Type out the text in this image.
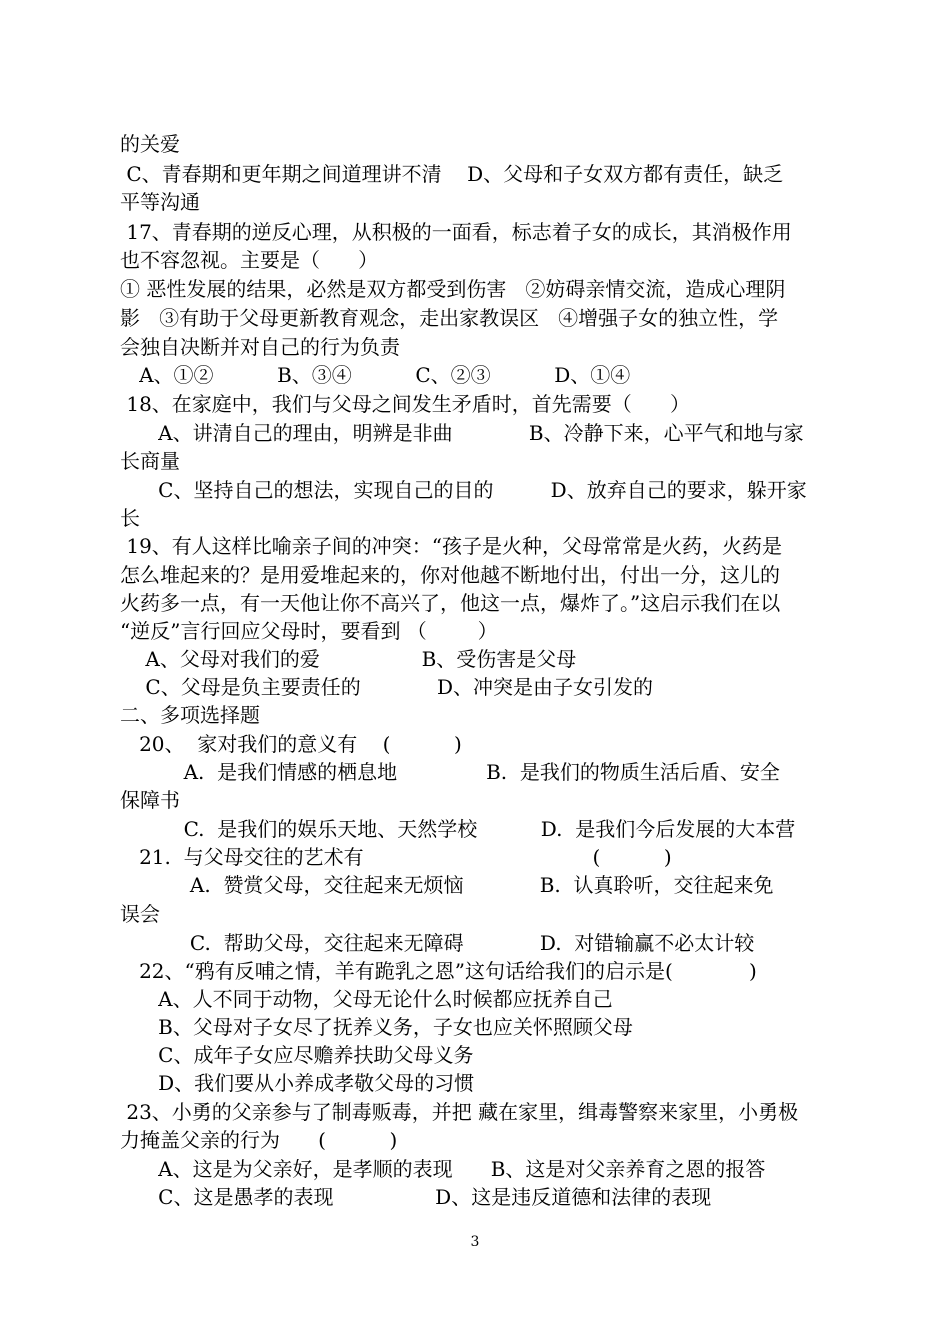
的关爱
C、青春期和更年期之间道理讲不清    D、父母和子女双方都有责任，缺乏
平等沟通
17、青春期的逆反心理，从积极的一面看，标志着子女的成长，其消极作用
也不容忽视。主要是（      ）
① 恶性发展的结果，必然是双方都受到伤害   ②妨碍亲情交流，造成心理阴
影   ③有助于父母更新教育观念，走出家教误区   ④增强子女的独立性，学
会独自决断并对自己的行为负责
A、①②          B、③④          C、②③          D、①④
18、在家庭中，我们与父母之间发生矛盾时，首先需要（      ）
A、讲清自己的理由，明辨是非曲            B、冷静下来，心平气和地与家
长商量
C、坚持自己的想法，实现自己的目的         D、放弃自己的要求，躲开家
长
19、有人这样比喻亲子间的冲突：“孩子是火种，父母常常是火药，火药是
怎么堆起来的？是用爱堆起来的，你对他越不断地付出，付出一分，这儿的
火药多一点，有一天他让你不高兴了，他这一点，爆炸了。”这启示我们在以
“逆反”言行回应父母时，要看到 （        ）
A、父母对我们的爱                B、受伤害是父母
C、父母是负主要责任的            D、冲突是由子女引发的
二、多项选择题
20、  家对我们的意义有    (          )
A.  是我们情感的栖息地              B.  是我们的物质生活后盾、安全
保障书
C.  是我们的娱乐天地、天然学校          D.  是我们今后发展的大本营
21.  与父母交往的艺术有                                    (          )
A.  赞赏父母，交往起来无烦恼            B.  认真聆听，交往起来免
误会
C.  帮助父母，交往起来无障碍            D.  对错输赢不必太计较
22、“鸦有反哺之情，羊有跪乳之恩”这句话给我们的启示是(            )
A、人不同于动物，父母无论什么时候都应抚养自己
B、父母对子女尽了抚养义务，子女也应关怀照顾父母
C、成年子女应尽赡养扶助父母义务
D、我们要从小养成孝敬父母的习惯
23、小勇的父亲参与了制毒贩毒，并把 藏在家里，缉毒警察来家里，小勇极
力掩盖父亲的行为      (          )
A、这是为父亲好，是孝顺的表现      B、这是对父亲养育之恩的报答
C、这是愚孝的表现                D、这是违反道德和法律的表现
3
